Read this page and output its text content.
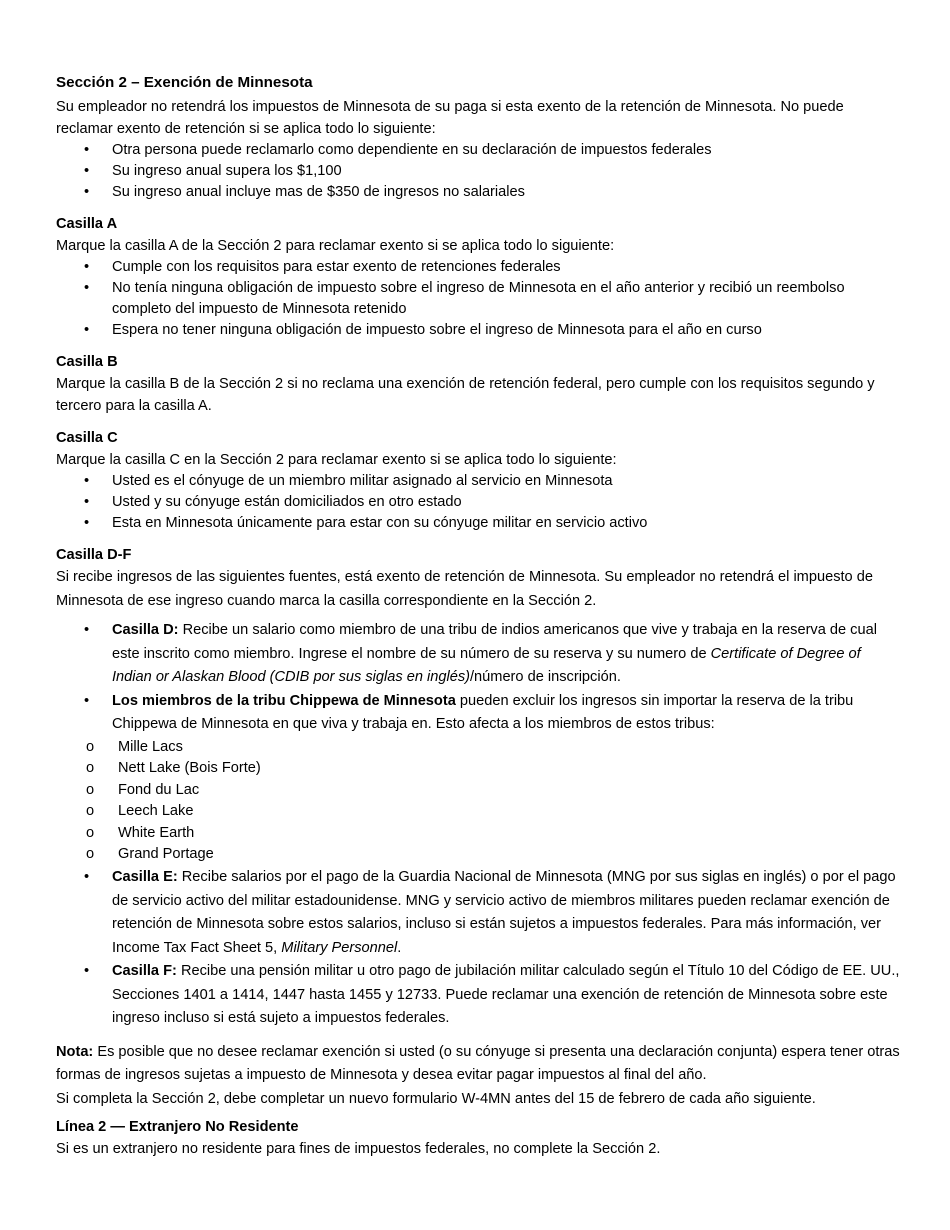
Sección 2 – Exención de Minnesota

Su empleador no retendrá los impuestos de Minnesota de su paga si esta exento de la retención de Minnesota. No puede reclamar exento de retención si se aplica todo lo siguiente:

• Otra persona puede reclamarlo como dependiente en su declaración de impuestos federales
• Su ingreso anual supera los $1,100
• Su ingreso anual incluye mas de $350 de ingresos no salariales
Casilla A

Marque la casilla A de la Sección 2 para reclamar exento si se aplica todo lo siguiente:

• Cumple con los requisitos para estar exento de retenciones federales
• No tenía ninguna obligación de impuesto sobre el ingreso de Minnesota en el año anterior y recibió un reembolso completo del impuesto de Minnesota retenido
• Espera no tener ninguna obligación de impuesto sobre el ingreso de Minnesota para el año en curso
Casilla B

Marque la casilla B de la Sección 2 si no reclama una exención de retención federal, pero cumple con los requisitos segundo y tercero para la casilla A.

Casilla C

Marque la casilla C en la Sección 2 para reclamar exento si se aplica todo lo siguiente:

• Usted es el cónyuge de un miembro militar asignado al servicio en Minnesota
• Usted y su cónyuge están domiciliados en otro estado
• Esta en Minnesota únicamente para estar con su cónyuge militar en servicio activo
Casilla D-F

Si recibe ingresos de las siguientes fuentes, está exento de retención de Minnesota. Su empleador no retendrá el impuesto de Minnesota de ese ingreso cuando marca la casilla correspondiente en la Sección 2.

• Casilla D: Recibe un salario como miembro de una tribu de indios americanos que vive y trabaja en la reserva de cual este inscrito como miembro. Ingrese el nombre de su número de su reserva y su numero de Certificate of Degree of Indian or Alaskan Blood (CDIB por sus siglas en inglés)/número de inscripción.
• Los miembros de la tribu Chippewa de Minnesota pueden excluir los ingresos sin importar la reserva de la tribu Chippewa de Minnesota en que viva y trabaja en. Esto afecta a los miembros de estos tribus:
o Mille Lacs
o Nett Lake (Bois Forte)
o Fond du Lac
o Leech Lake
o White Earth
o Grand Portage
• Casilla E: Recibe salarios por el pago de la Guardia Nacional de Minnesota (MNG por sus siglas en inglés) o por el pago de servicio activo del militar estadounidense. MNG y servicio activo de miembros militares pueden reclamar exención de retención de Minnesota sobre estos salarios, incluso si están sujetos a impuestos federales. Para más información, ver Income Tax Fact Sheet 5, Military Personnel.
• Casilla F: Recibe una pensión militar u otro pago de jubilación militar calculado según el Título 10 del Código de EE. UU., Secciones 1401 a 1414, 1447 hasta 1455 y 12733. Puede reclamar una exención de retención de Minnesota sobre este ingreso incluso si está sujeto a impuestos federales.

Nota: Es posible que no desee reclamar exención si usted (o su cónyuge si presenta una declaración conjunta) espera tener otras formas de ingresos sujetas a impuesto de Minnesota y desea evitar pagar impuestos al final del año.

Si completa la Sección 2, debe completar un nuevo formulario W-4MN antes del 15 de febrero de cada año siguiente.

Línea 2 — Extranjero No Residente

Si es un extranjero no residente para fines de impuestos federales, no complete la Sección 2.
